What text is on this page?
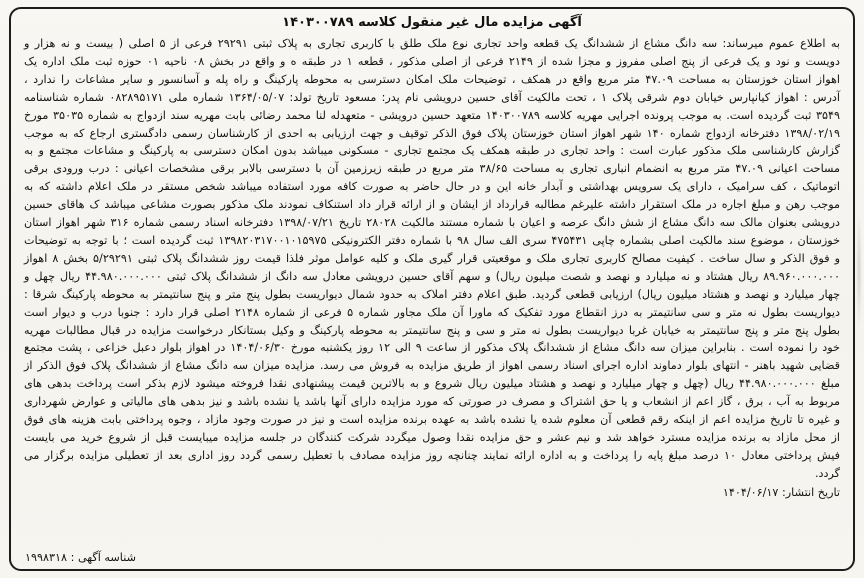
آگهی مزایده مال غیر منقول کلاسه ۱۴۰۳۰۰۷۸۹

به اطلاع عموم میرساند: سه دانگ مشاع از ششدانگ یک قطعه واحد تجاری نوع ملک طلق با کاربری تجاری به پلاک ثبتی ۲۹۲۹۱ فرعی از ۵ اصلی ( بیست و نه هزار و دویست و نود و یک فرعی از پنج اصلی مفروز و مجزا شده از ۲۱۴۹ فرعی از اصلی مذکور ، قطعه ۱ در طبقه ه و واقع در بخش ۰۸ ناحیه ۰۱ حوزه ثبت ملک اداره یک اهواز استان خوزستان به مساحت ۴۷.۰۹ متر مربع واقع در همکف ، توضیحات ملک امکان دسترسی به محوطه پارکینگ و راه پله و آسانسور و سایر مشاعات را ندارد ، آدرس : اهواز کیانپارس خیابان دوم شرقی پلاک ۱ ، تحت مالکیت آقای حسین درویشی نام پدر: مسعود تاریخ تولد: ۱۳۶۴/۰۵/۰۷ شماره ملی ۰۸۲۸۹۵۱۷۱ شماره شناسنامه ۳۵۴۹ ثبت گردیده است. به موجب پرونده اجرایی مهریه کلاسه ۱۴۰۳۰۰۷۸۹ متعهد حسین درویشی - متعهدله لنا محمد رضائی بابت مهریه سند ازدواج به شماره ۳۵۰۳۵ مورخ ۱۳۹۸/۰۲/۱۹ دفترخانه ازدواج شماره ۱۴۰ شهر اهواز استان خوزستان پلاک فوق الذکر توقیف و جهت ارزیابی به احدی از کارشناسان رسمی دادگستری ارجاع که به موجب گزارش کارشناسی ملک مذکور عبارت است : واحد تجاری در طبقه همکف یک مجتمع تجاری - مسکونی میباشد بدون امکان دسترسی به پارکینگ و مشاعات مجتمع و به مساحت اعیانی ۴۷.۰۹ متر مربع به انضمام انباری تجاری به مساحت ۳۸/۶۵ متر مربع در طبقه زیرزمین آن با دسترسی بالابر برقی مشخصات اعیانی : درب ورودی برقی اتوماتیک ، کف سرامیک ، دارای یک سرویس بهداشتی و آبدار خانه این و در حال حاضر به صورت کافه مورد استفاده میباشد شخص مستقر در ملک اعلام داشته که به موجب رهن و مبلغ اجاره در ملک استقرار داشته علیرغم مطالبه قرارداد از ایشان و از ارائه قرار داد استنکاف نمودند ملک مذکور بصورت مشاعی میباشد ک هاقای حسین درویشی بعنوان مالک سه دانگ مشاع از شش دانگ عرصه و اعیان با شماره مستند مالکیت ۲۸۰۲۸ تاریخ ۱۳۹۸/۰۷/۲۱ دفترخانه اسناد رسمی شماره ۳۱۶ شهر اهواز استان خوزستان ، موضوع سند مالکیت اصلی بشماره چاپی ۴۷۵۴۳۱ سری الف سال ۹۸ با شماره دفتر الکترونیکی ۱۳۹۸۲۰۳۱۷۰۰۱۰۱۵۹۷۵ ثبت گردیده است ؛ با توجه به توضیحات و فوق الذکر و سال ساخت . کیفیت مصالح کاربری تجاری ملک و موقعیتی قرار گیری ملک و کلیه عوامل موثر فلذا قیمت روز ششدانگ پلاک ثبتی ۵/۲۹۲۹۱ بخش ۸ اهواز ۸۹.۹۶۰.۰۰۰.۰۰۰ ریال هشتاد و نه میلیارد و نهصد و شصت میلیون ریال) و سهم آقای حسین درویشی معادل سه دانگ از ششدانگ پلاک ثبتی ۴۴.۹۸۰.۰۰۰.۰۰۰ ریال چهل و چهار میلیارد و نهصد و هشتاد میلیون ریال) ارزیابی قطعی گردید. طبق اعلام دفتر املاک به حدود شمال دیواریست بطول پنج متر و پنج سانتیمتر به محوطه پارکینگ شرقا : دیواریست بطول نه متر و سی سانتیمتر به درز انقطاع مورد تفکیک که ماورا آن ملک مجاور شماره ۵ فرعی از شماره ۲۱۴۸ اصلی قرار دارد : جنوبا درب و دیوار است بطول پنج متر و پنج سانتیمتر به خیابان غربا دیواریست بطول نه متر و سی و پنج سانتیمتر به محوطه پارکینگ و وکیل بستانکار درخواست مزایده در قبال مطالبات مهریه خود را نموده است . بنابراین میزان سه دانگ مشاع از ششدانگ پلاک مذکور از ساعت ۹ الی ۱۲ روز یکشنبه مورخ ۱۴۰۴/۰۶/۳۰ در اهواز بلوار دعبل خزاعی ، پشت مجتمع قضایی شهید باهنر - انتهای بلوار دماوند اداره اجرای اسناد رسمی اهواز از طریق مزایده به فروش می رسد. مزایده میزان سه دانگ مشاع از ششدانگ پلاک فوق الذکر از مبلغ ۴۴.۹۸۰.۰۰۰.۰۰۰ ریال (چهل و چهار میلیارد و نهصد و هشتاد میلیون ریال شروع و به بالاترین قیمت پیشنهادی نقدا فروخته میشود لازم بذکر است پرداخت بدهی های مربوط به آب ، برق ، گاز اعم از انشعاب و یا حق اشتراک و مصرف در صورتی که مورد مزایده دارای آنها باشد یا نشده باشد و نیز بدهی های مالیاتی و عوارض شهرداری و غیره تا تاریخ مزایده اعم از اینکه رقم قطعی آن معلوم شده یا نشده باشد به عهده برنده مزایده است و نیز در صورت وجود مازاد ، وجوه پرداختی بابت هزینه های فوق از محل مازاد به برنده مزایده مسترد خواهد شد و نیم عشر و حق مزایده نقدا وصول میگردد شرکت کنندگان در جلسه مزایده میبایست قبل از شروع خرید می بایست فیش پرداختی معادل ۱۰ درصد مبلغ پایه را پرداخت و به اداره ارائه نمایند چنانچه روز مزایده مصادف با تعطیل رسمی گردد روز اداری بعد از تعطیلی مزایده برگزار می گردد.

تاریخ انتشار: ۱۴۰۴/۰۶/۱۷
شناسه آگهی : ۱۹۹۸۳۱۸
